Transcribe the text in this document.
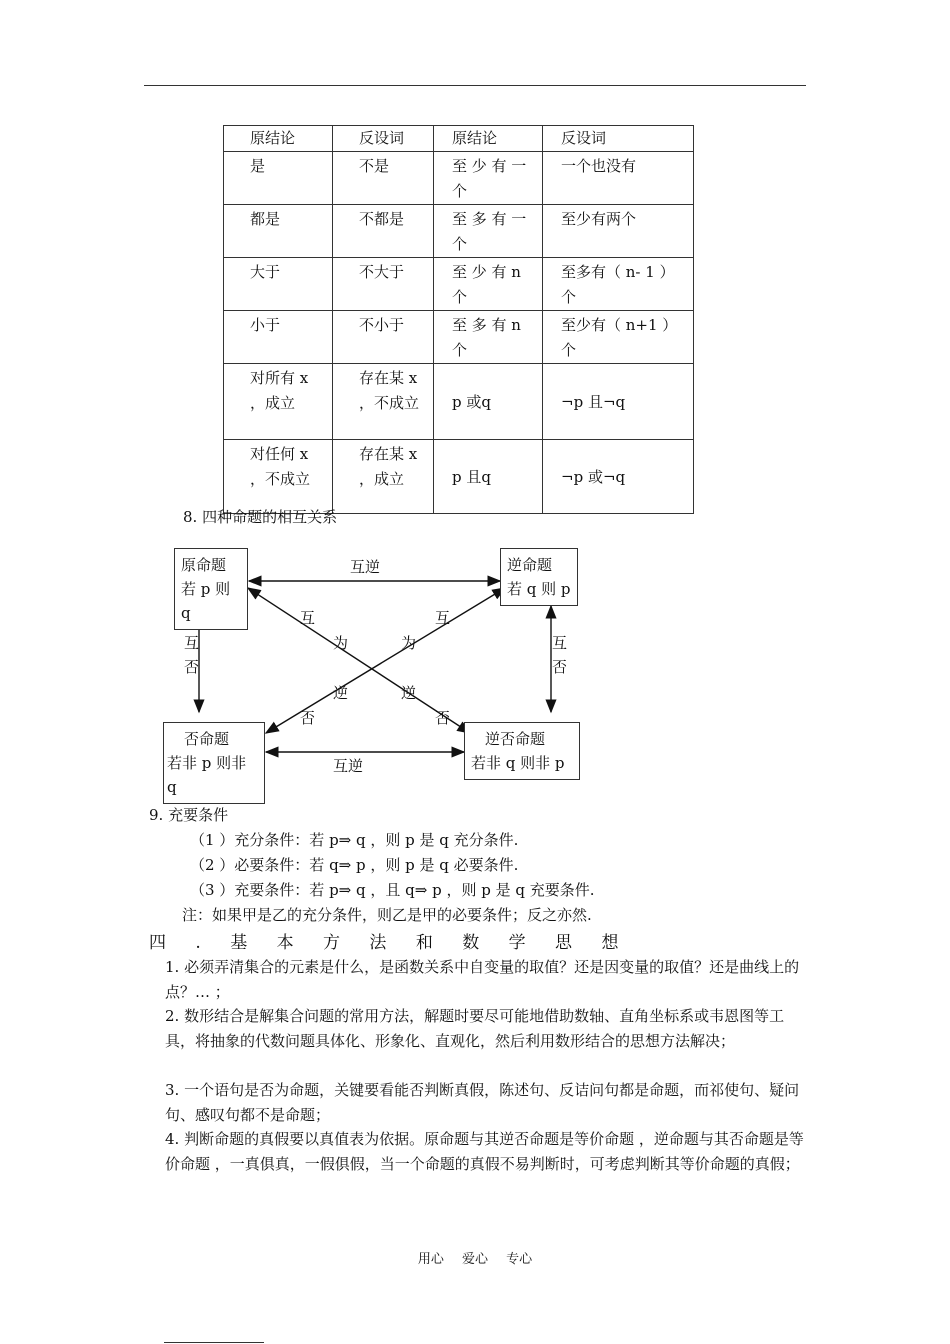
原结论	反设词	原结论	反设词
是	不是	至 少 有 一 个	一个也没有
都是	不都是	至 多 有 一 个	至少有两个
大于	不大于	至 少 有 n 个	至多有（ n- 1 ）个
小于	不小于	至 多 有 n 个	至少有（ n+1 ）个
对所有 x ，成立	存在某 x ，不成立	p 或q	¬p 且¬q
对任何 x ，不成立	存在某 x ，成立	p 且q	¬p 或¬q
8. 四种命题的相互关系
原命题
若 p 则 q
逆命题
若 q 则 p
否命题
若非 p 则非 q
逆否命题
若非 q 则非 p
互逆
互逆
互
否
互
否
互
为
逆
否
互
为
逆
否
9. 充要条件
（1 ）充分条件：若 p⇒ q ，则 p 是 q 充分条件.
（2 ）必要条件：若 q⇒ p ，则 p 是 q 必要条件.
（3 ）充要条件：若 p⇒ q ，且 q⇒ p ，则 p 是 q 充要条件.
注：如果甲是乙的充分条件，则乙是甲的必要条件；反之亦然.
四 . 基 本 方 法 和 数 学 思 想
1. 必须弄清集合的元素是什么，是函数关系中自变量的取值？还是因变量的取值？还是曲线上的点？… ；
2. 数形结合是解集合问题的常用方法，解题时要尽可能地借助数轴、直角坐标系或韦恩图等工具，将抽象的代数问题具体化、形象化、直观化，然后利用数形结合的思想方法解决；
3. 一个语句是否为命题，关键要看能否判断真假，陈述句、反诘问句都是命题，而祁使句、疑问句、感叹句都不是命题；
4. 判断命题的真假要以真值表为依据。原命题与其逆否命题是等价命题 ，逆命题与其否命题是等价命题 ，一真俱真，一假俱假，当一个命题的真假不易判断时，可考虑判断其等价命题的真假；
用心 爱心 专心
